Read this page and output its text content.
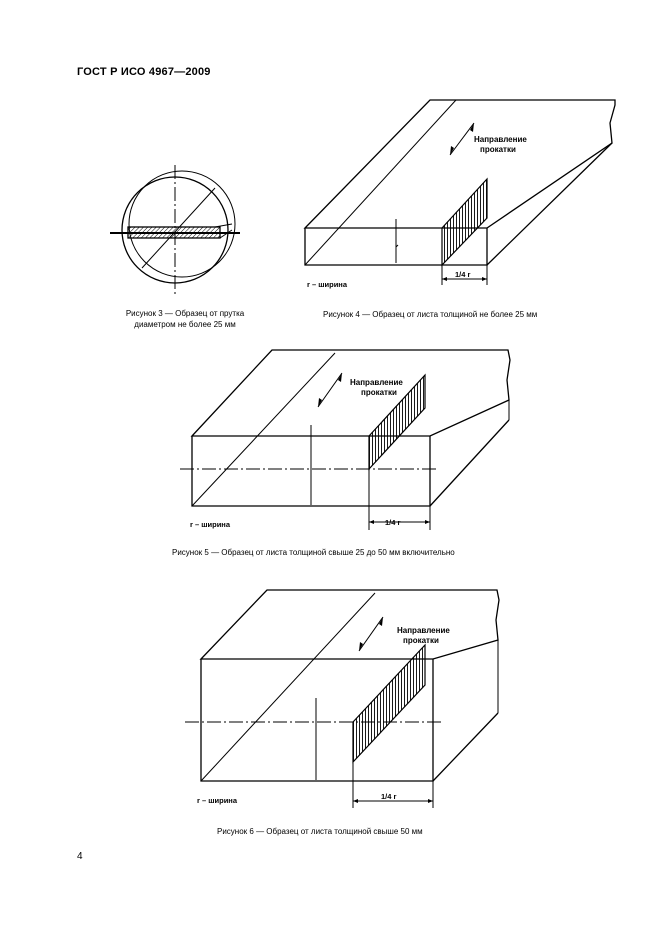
ГОСТ Р ИСО 4967—2009
Рисунок 3 — Образец от прутка
диаметром не более 25 мм
Направление
прокатки
r – ширина
1/4 r
Рисунок 4 — Образец от листа толщиной не более 25 мм
Направление
прокатки
r – ширина	1/4 r
Рисунок 5 — Образец от листа толщиной свыше 25 до 50 мм включительно
Направление
прокатки
r – ширина	1/4 r
Рисунок 6 — Образец от листа толщиной свыше 50 мм
4
